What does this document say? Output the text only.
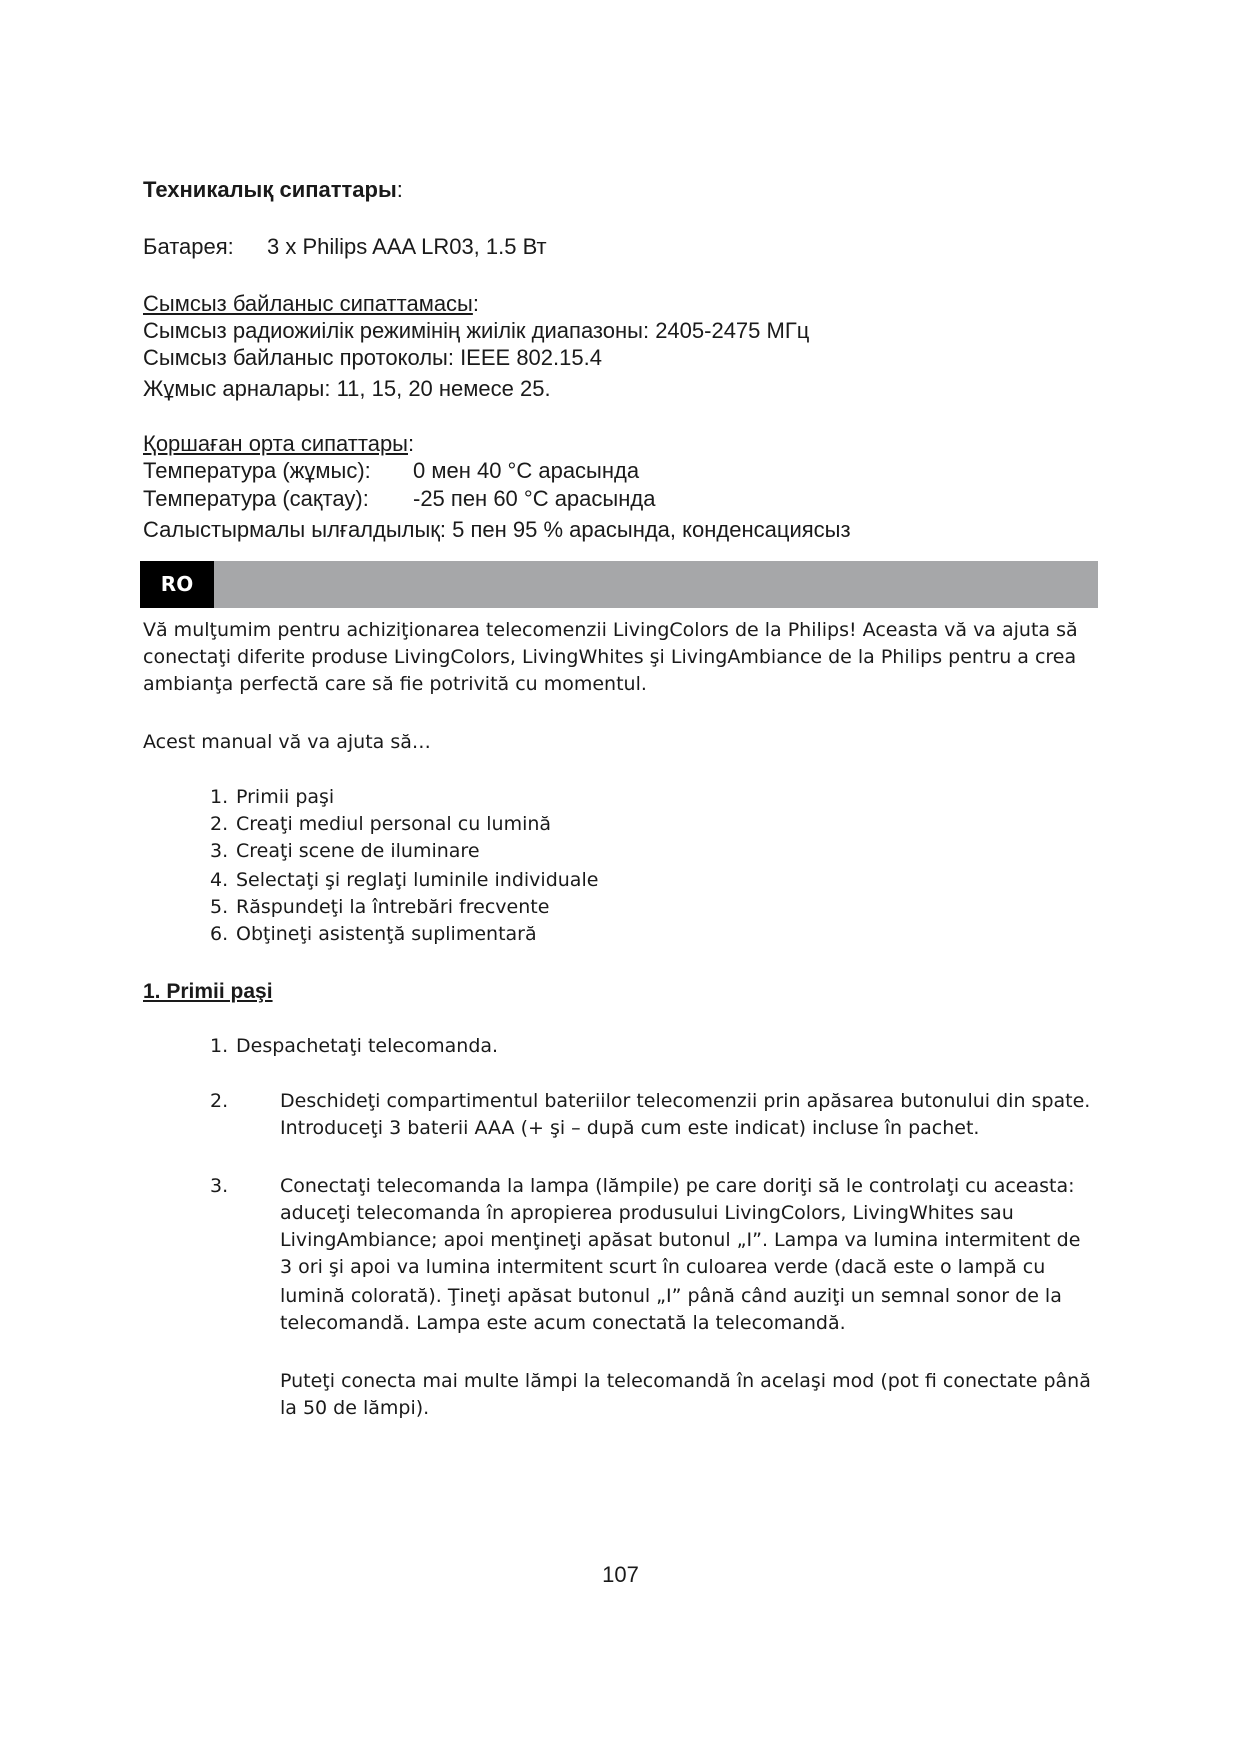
Техникалық сипаттары:
Батарея: 3 x Philips AAA LR03, 1.5 Вт
Сымсыз байланыс сипаттамасы:
Сымсыз радиожиілік режимінің жиілік диапазоны: 2405-2475 МГц
Сымсыз байланыс протоколы: IEEE 802.15.4
Жұмыс арналары: 11, 15, 20 немесе 25.
Қоршаған орта сипаттары:
Температура (жұмыс): 0 мен 40 °C арасында
Температура (сақтау): -25 пен 60 °C арасында
Салыстырмалы ылғалдылық: 5 пен 95 % арасында, конденсациясыз
RO
Vă mulţumim pentru achiziţionarea telecomenzii LivingColors de la Philips! Aceasta vă va ajuta să
conectaţi diferite produse LivingColors, LivingWhites şi LivingAmbiance de la Philips pentru a crea
ambianţa perfectă care să fie potrivită cu momentul.
Acest manual vă va ajuta să…
1. Primii paşi
2. Creaţi mediul personal cu lumină
3. Creaţi scene de iluminare
4. Selectaţi şi reglaţi luminile individuale
5. Răspundeţi la întrebări frecvente
6. Obţineţi asistenţă suplimentară
1. Primii paşi
1. Despachetaţi telecomanda.
2.	Deschideţi compartimentul bateriilor telecomenzii prin apăsarea butonului din spate.
Introduceţi 3 baterii AAA (+ şi – după cum este indicat) incluse în pachet.
3.	Conectaţi telecomanda la lampa (lămpile) pe care doriţi să le controlaţi cu aceasta:
aduceţi telecomanda în apropierea produsului LivingColors, LivingWhites sau
LivingAmbiance; apoi menţineţi apăsat butonul „I”. Lampa va lumina intermitent de
3 ori şi apoi va lumina intermitent scurt în culoarea verde (dacă este o lampă cu
lumină colorată). Ţineţi apăsat butonul „I” până când auziţi un semnal sonor de la
telecomandă. Lampa este acum conectată la telecomandă.
Puteţi conecta mai multe lămpi la telecomandă în acelaşi mod (pot fi conectate până
la 50 de lămpi).
107
